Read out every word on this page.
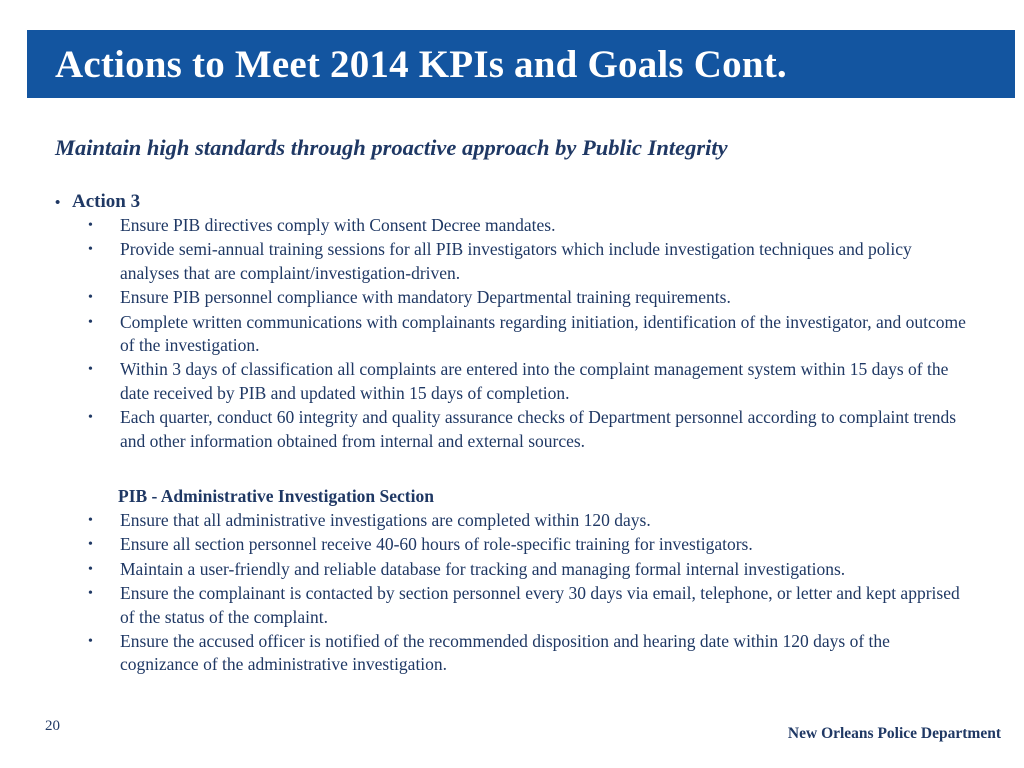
Actions to Meet 2014 KPIs and Goals Cont.
Maintain high standards through proactive approach by Public Integrity
• Action 3
• Ensure PIB directives comply with Consent Decree mandates.
• Provide semi-annual training sessions for all PIB investigators which include investigation techniques and policy analyses that are complaint/investigation-driven.
• Ensure PIB personnel compliance with mandatory Departmental training requirements.
• Complete written communications with complainants regarding initiation, identification of the investigator, and outcome of the investigation.
• Within 3 days of classification all complaints are entered into the complaint management system within 15 days of the date received by PIB and updated within 15 days of completion.
• Each quarter, conduct 60 integrity and quality assurance checks of Department personnel according to complaint trends and other information obtained from internal and external sources.
PIB - Administrative Investigation Section
• Ensure that all administrative investigations are completed within 120 days.
• Ensure all section personnel receive 40-60 hours of role-specific training for investigators.
• Maintain a user-friendly and reliable database for tracking and managing formal internal investigations.
• Ensure the complainant is contacted by section personnel every 30 days via email, telephone, or letter and kept apprised of the status of the complaint.
• Ensure the accused officer is notified of the recommended disposition and hearing date within 120 days of the cognizance of the administrative investigation.
20	New Orleans Police Department
